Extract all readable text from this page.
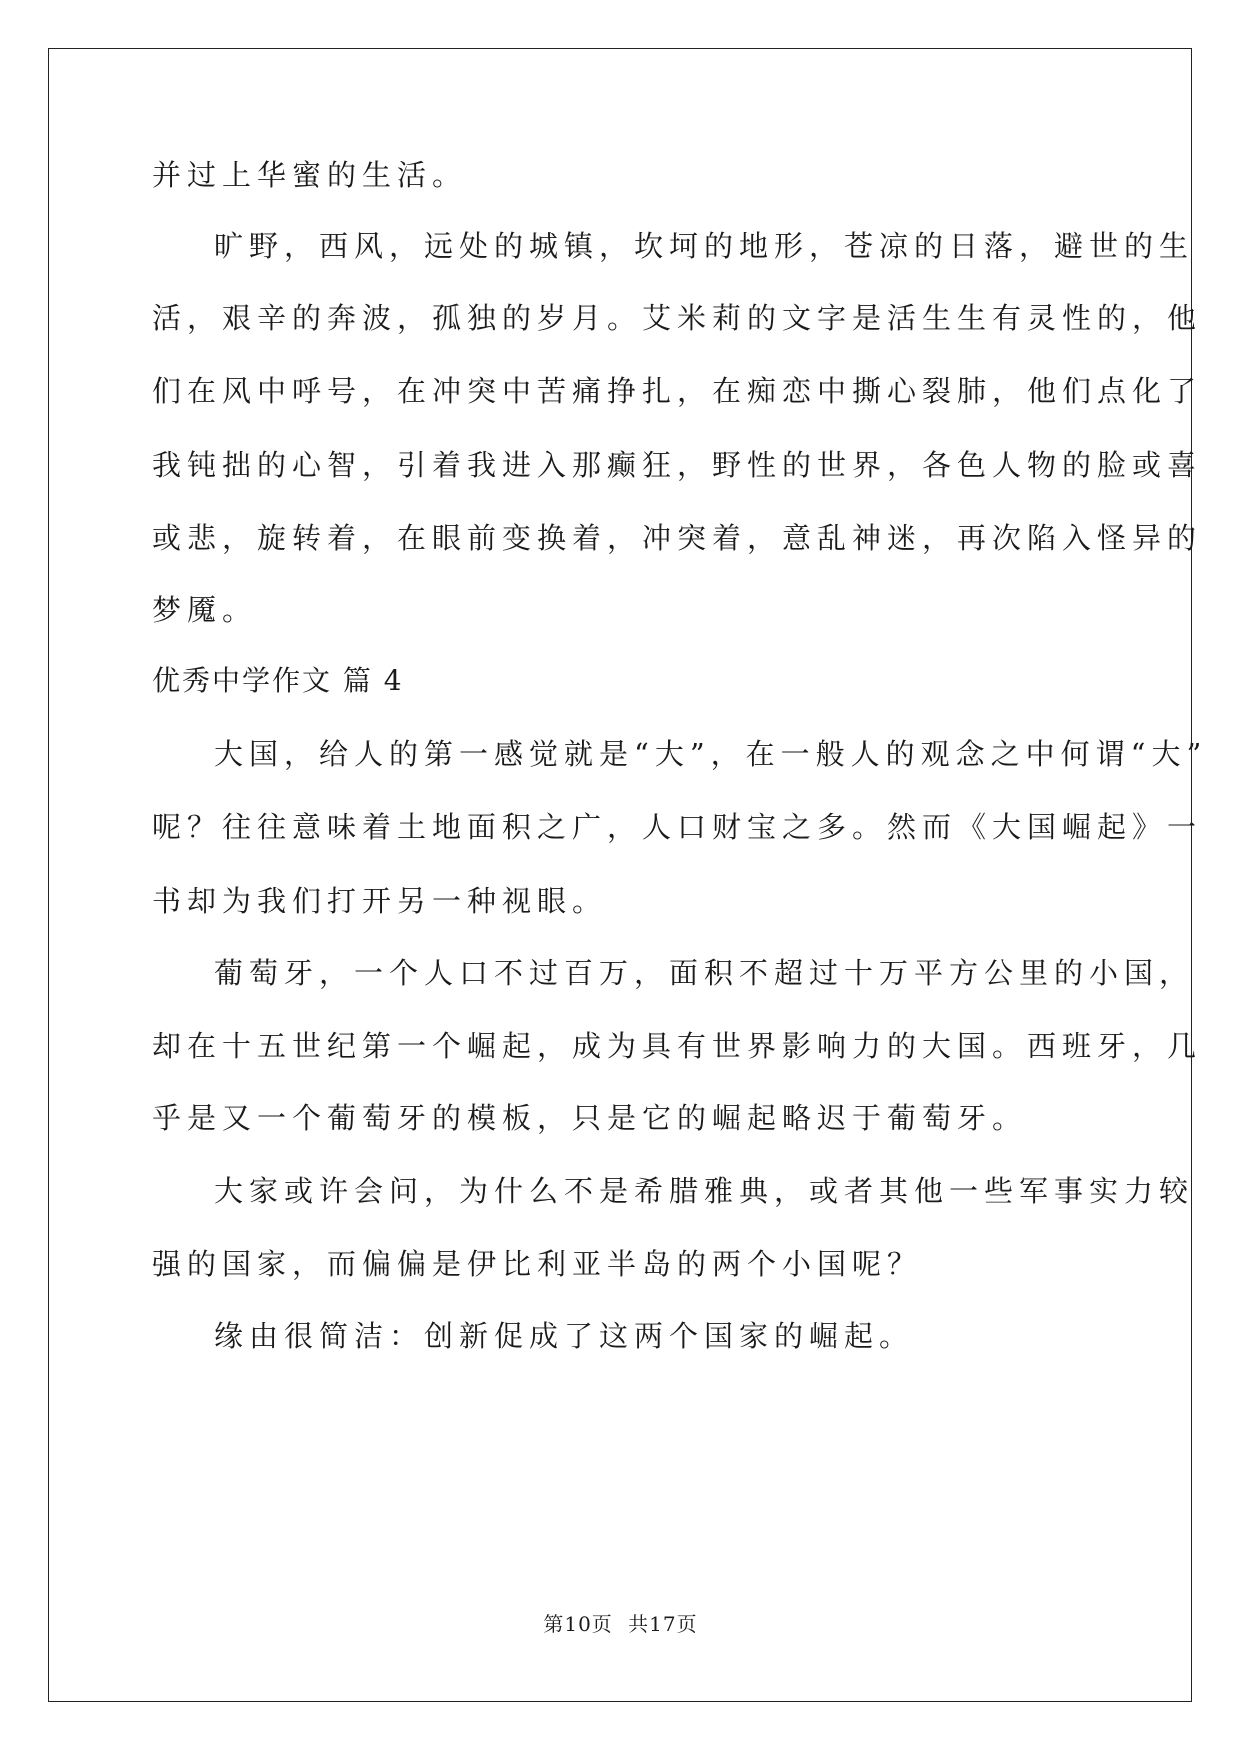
并过上华蜜的生活。
旷野，西风，远处的城镇，坎坷的地形，苍凉的日落，避世的生
活，艰辛的奔波，孤独的岁月。艾米莉的文字是活生生有灵性的，他
们在风中呼号，在冲突中苦痛挣扎，在痴恋中撕心裂肺，他们点化了
我钝拙的心智，引着我进入那癫狂，野性的世界，各色人物的脸或喜
或悲，旋转着，在眼前变换着，冲突着，意乱神迷，再次陷入怪异的
梦魇。
优秀中学作文 篇 4
大国，给人的第一感觉就是“大”，在一般人的观念之中何谓“大”
呢？往往意味着土地面积之广，人口财宝之多。然而《大国崛起》一
书却为我们打开另一种视眼。
葡萄牙，一个人口不过百万，面积不超过十万平方公里的小国，
却在十五世纪第一个崛起，成为具有世界影响力的大国。西班牙，几
乎是又一个葡萄牙的模板，只是它的崛起略迟于葡萄牙。
大家或许会问，为什么不是希腊雅典，或者其他一些军事实力较
强的国家，而偏偏是伊比利亚半岛的两个小国呢？
缘由很简洁：创新促成了这两个国家的崛起。
第10页 共17页
